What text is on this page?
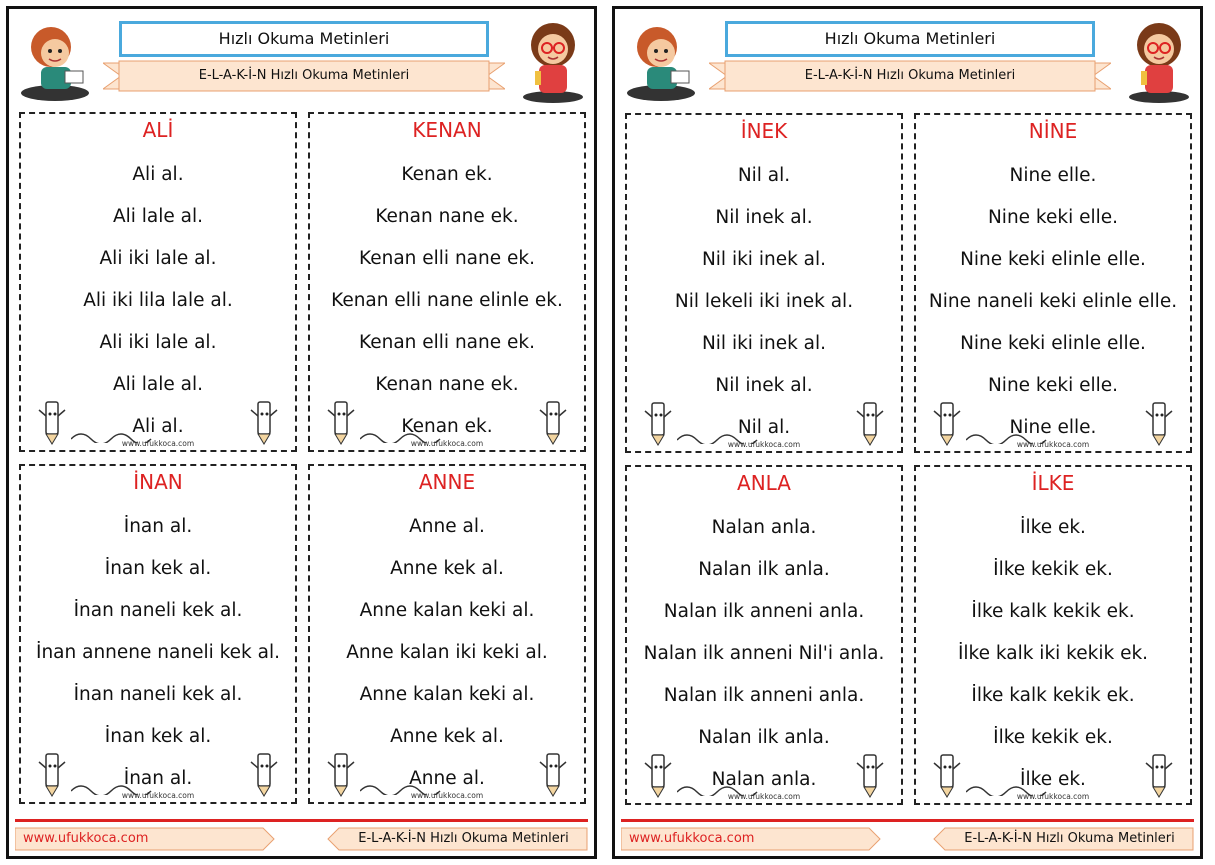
Hızlı Okuma Metinleri
E-L-A-K-İ-N Hızlı Okuma Metinleri
ALİ
Ali al.
Ali lale al.
Ali iki lale al.
Ali iki lila lale al.
Ali iki lale al.
Ali lale al.
Ali al.
www.ufukkoca.com
KENAN
Kenan ek.
Kenan nane ek.
Kenan elli nane ek.
Kenan elli nane elinle ek.
Kenan elli nane ek.
Kenan nane ek.
Kenan ek.
www.ufukkoca.com
İNAN
İnan al.
İnan kek al.
İnan naneli kek al.
İnan annene naneli kek al.
İnan naneli kek al.
İnan kek al.
İnan al.
www.ufukkoca.com
ANNE
Anne al.
Anne kek al.
Anne kalan keki al.
Anne kalan iki keki al.
Anne kalan keki al.
Anne kek al.
Anne al.
www.ufukkoca.com
www.ufukkoca.com	E-L-A-K-İ-N Hızlı Okuma Metinleri
Hızlı Okuma Metinleri
E-L-A-K-İ-N Hızlı Okuma Metinleri
İNEK
Nil al.
Nil inek al.
Nil iki inek al.
Nil lekeli iki inek al.
Nil iki inek al.
Nil inek al.
Nil al.
www.ufukkoca.com
NİNE
Nine elle.
Nine keki elle.
Nine keki elinle elle.
Nine naneli keki elinle elle.
Nine keki elinle elle.
Nine keki elle.
Nine elle.
www.ufukkoca.com
ANLA
Nalan anla.
Nalan ilk anla.
Nalan ilk anneni anla.
Nalan ilk anneni Nil'i anla.
Nalan ilk anneni anla.
Nalan ilk anla.
Nalan anla.
www.ufukkoca.com
İLKE
İlke ek.
İlke kekik ek.
İlke kalk kekik ek.
İlke kalk iki kekik ek.
İlke kalk kekik ek.
İlke kekik ek.
İlke ek.
www.ufukkoca.com
www.ufukkoca.com	E-L-A-K-İ-N Hızlı Okuma Metinleri
